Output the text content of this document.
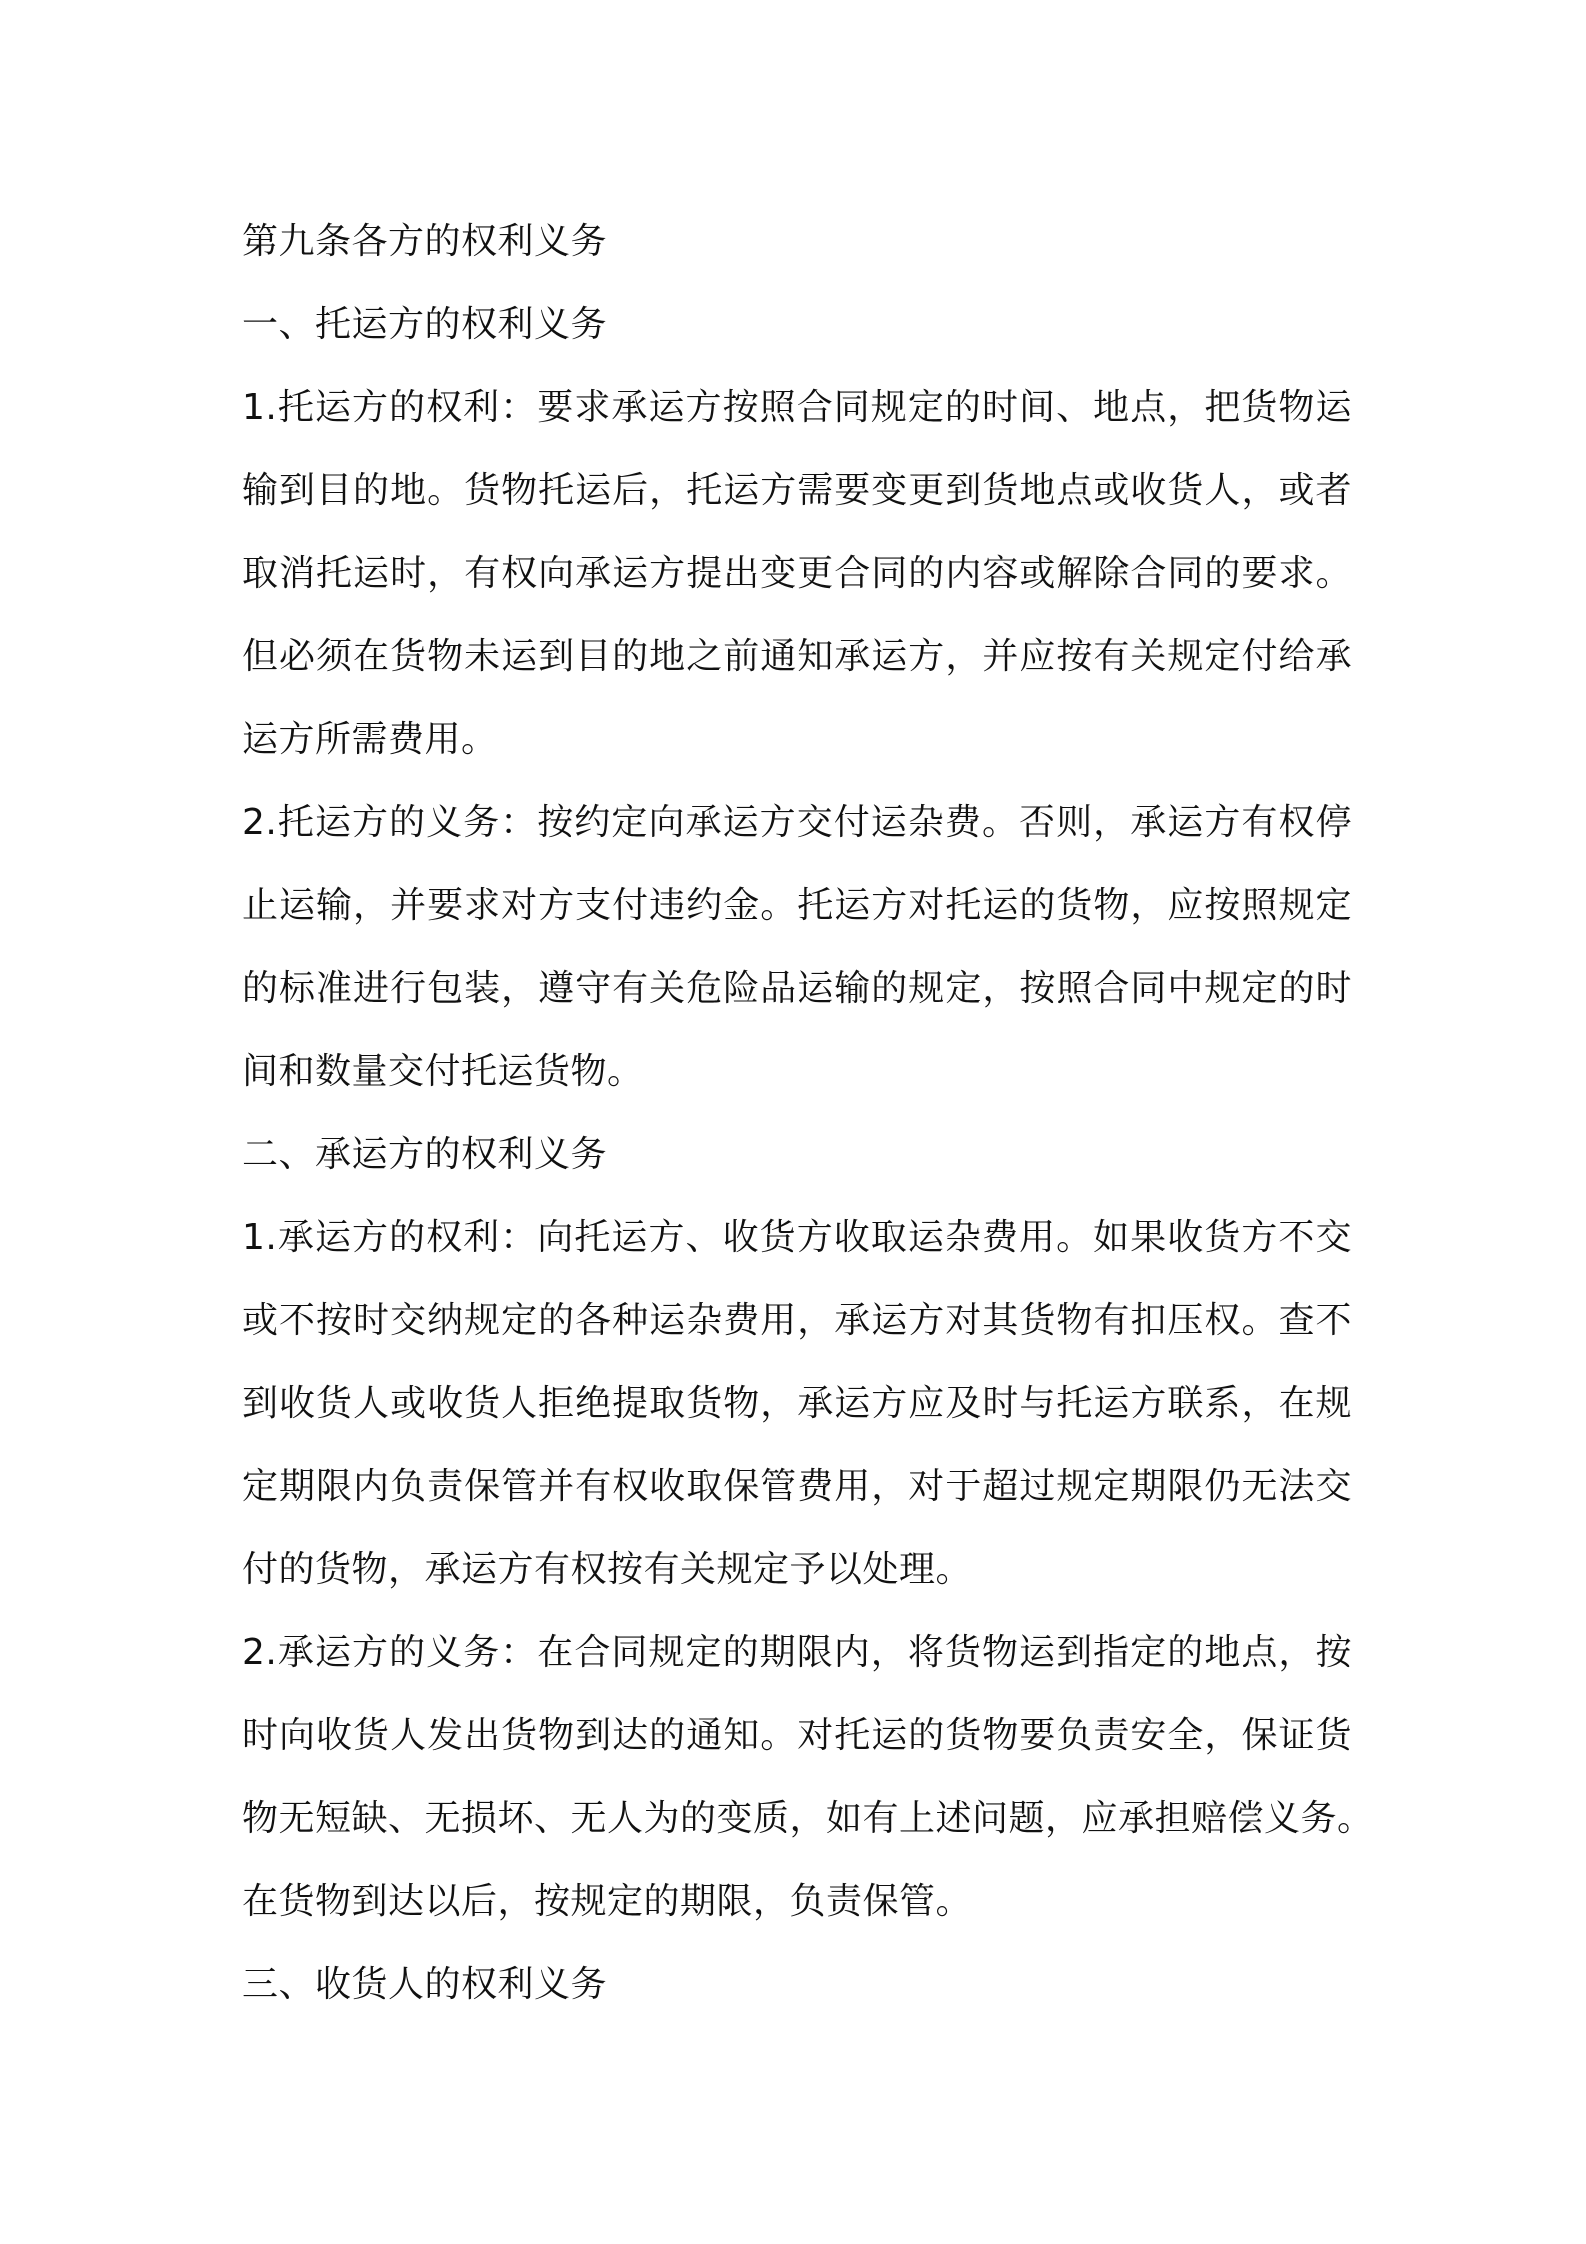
第九条各方的权利义务
一、托运方的权利义务
1.托运方的权利：要求承运方按照合同规定的时间、地点，把货物运
输到目的地。货物托运后，托运方需要变更到货地点或收货人，或者
取消托运时，有权向承运方提出变更合同的内容或解除合同的要求。
但必须在货物未运到目的地之前通知承运方，并应按有关规定付给承
运方所需费用。
2.托运方的义务：按约定向承运方交付运杂费。否则，承运方有权停
止运输，并要求对方支付违约金。托运方对托运的货物，应按照规定
的标准进行包装，遵守有关危险品运输的规定，按照合同中规定的时
间和数量交付托运货物。
二、承运方的权利义务
1.承运方的权利：向托运方、收货方收取运杂费用。如果收货方不交
或不按时交纳规定的各种运杂费用，承运方对其货物有扣压权。查不
到收货人或收货人拒绝提取货物，承运方应及时与托运方联系，在规
定期限内负责保管并有权收取保管费用，对于超过规定期限仍无法交
付的货物，承运方有权按有关规定予以处理。
2.承运方的义务：在合同规定的期限内，将货物运到指定的地点，按
时向收货人发出货物到达的通知。对托运的货物要负责安全，保证货
物无短缺、无损坏、无人为的变质，如有上述问题，应承担赔偿义务。
在货物到达以后，按规定的期限，负责保管。
三、收货人的权利义务
